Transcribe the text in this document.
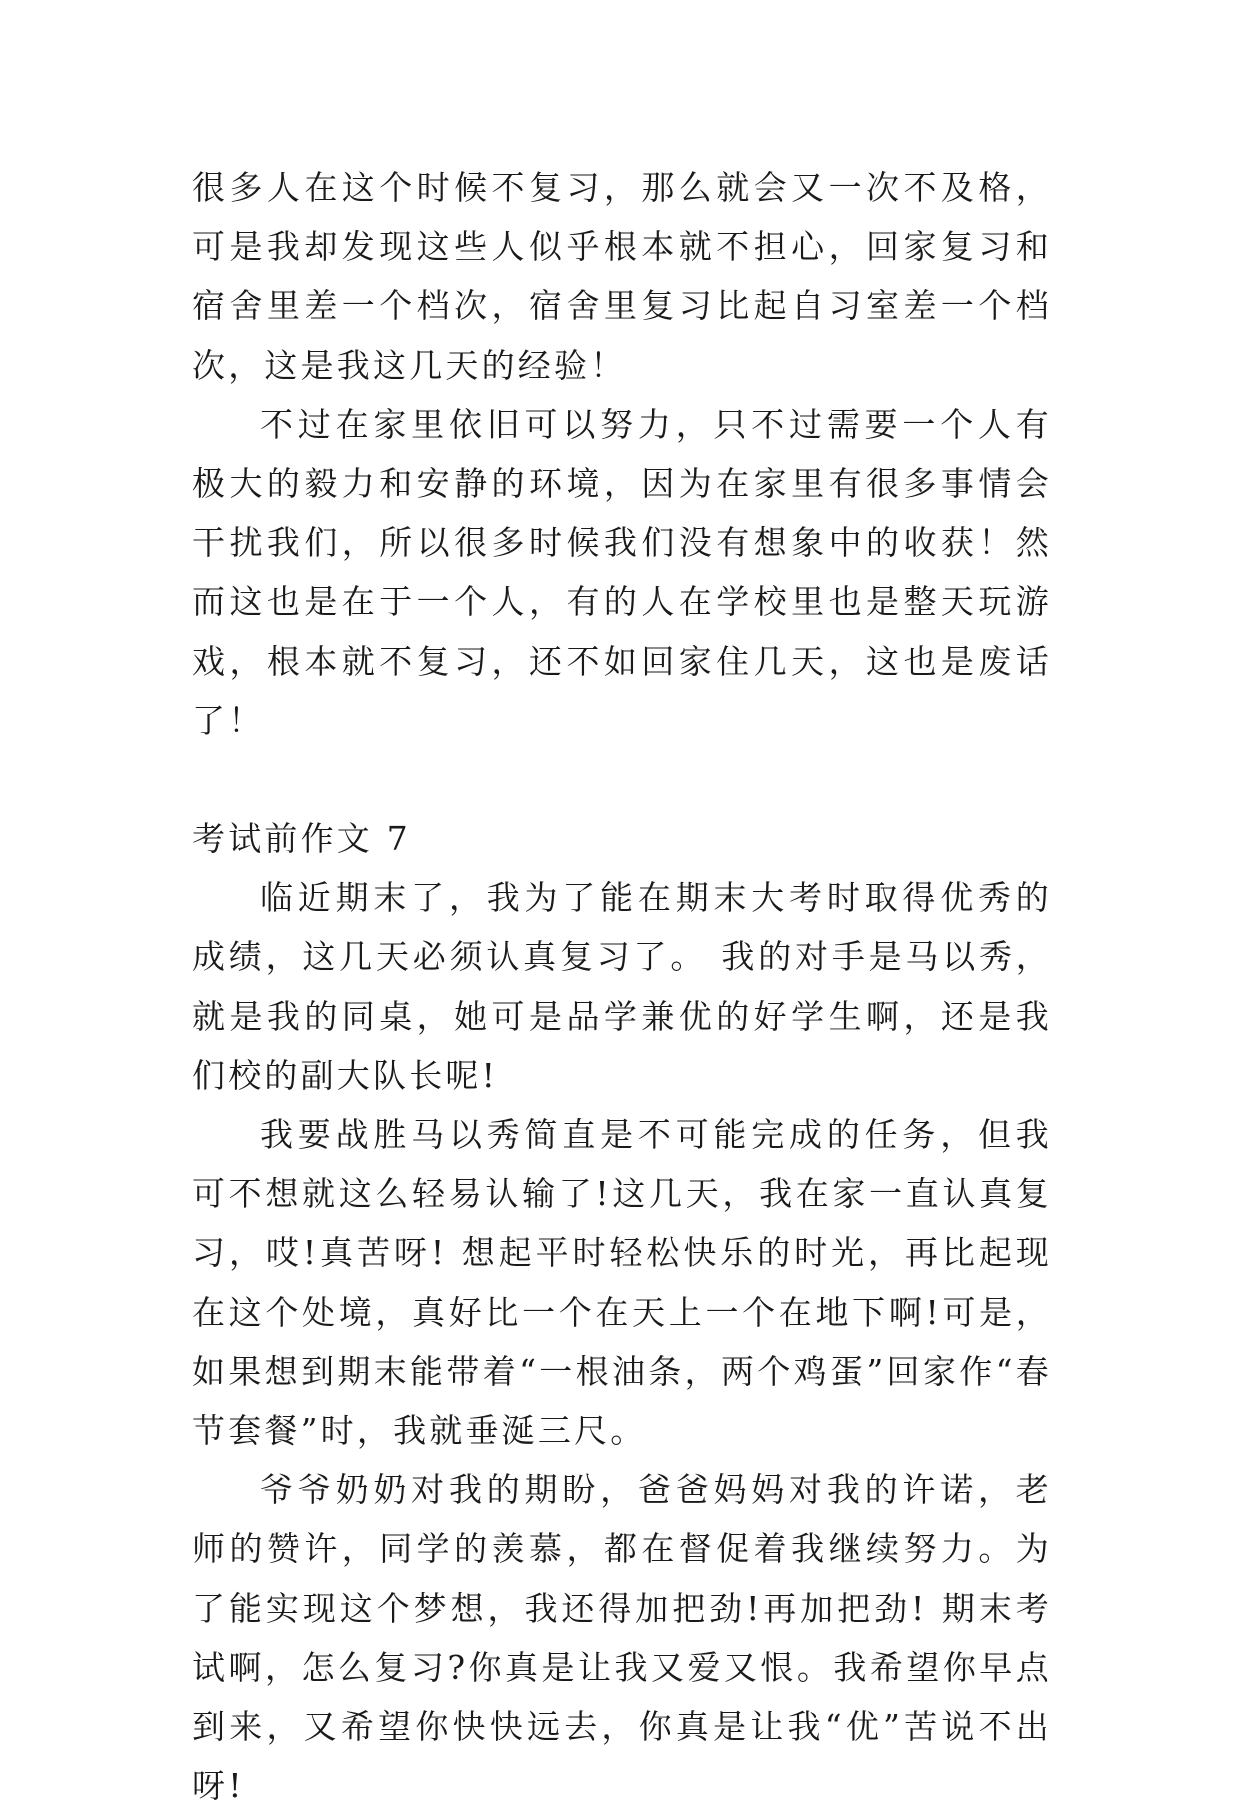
很多人在这个时候不复习，那么就会又一次不及格，可是我却发现这些人似乎根本就不担心，回家复习和宿舍里差一个档次，宿舍里复习比起自习室差一个档次，这是我这几天的经验！

不过在家里依旧可以努力，只不过需要一个人有极大的毅力和安静的环境，因为在家里有很多事情会干扰我们，所以很多时候我们没有想象中的收获！然而这也是在于一个人，有的人在学校里也是整天玩游戏，根本就不复习，还不如回家住几天，这也是废话了！

考试前作文 7

临近期末了，我为了能在期末大考时取得优秀的成绩，这几天必须认真复习了。 我的对手是马以秀，就是我的同桌，她可是品学兼优的好学生啊，还是我们校的副大队长呢!

我要战胜马以秀简直是不可能完成的任务，但我可不想就这么轻易认输了!这几天，我在家一直认真复习，哎!真苦呀! 想起平时轻松快乐的时光，再比起现在这个处境，真好比一个在天上一个在地下啊!可是，如果想到期末能带着“一根油条，两个鸡蛋”回家作“春节套餐”时，我就垂涎三尺。

爷爷奶奶对我的期盼，爸爸妈妈对我的许诺，老师的赞许，同学的羡慕，都在督促着我继续努力。为了能实现这个梦想，我还得加把劲!再加把劲! 期末考试啊，怎么复习?你真是让我又爱又恨。我希望你早点到来，又希望你快快远去，你真是让我“优”苦说不出呀!
